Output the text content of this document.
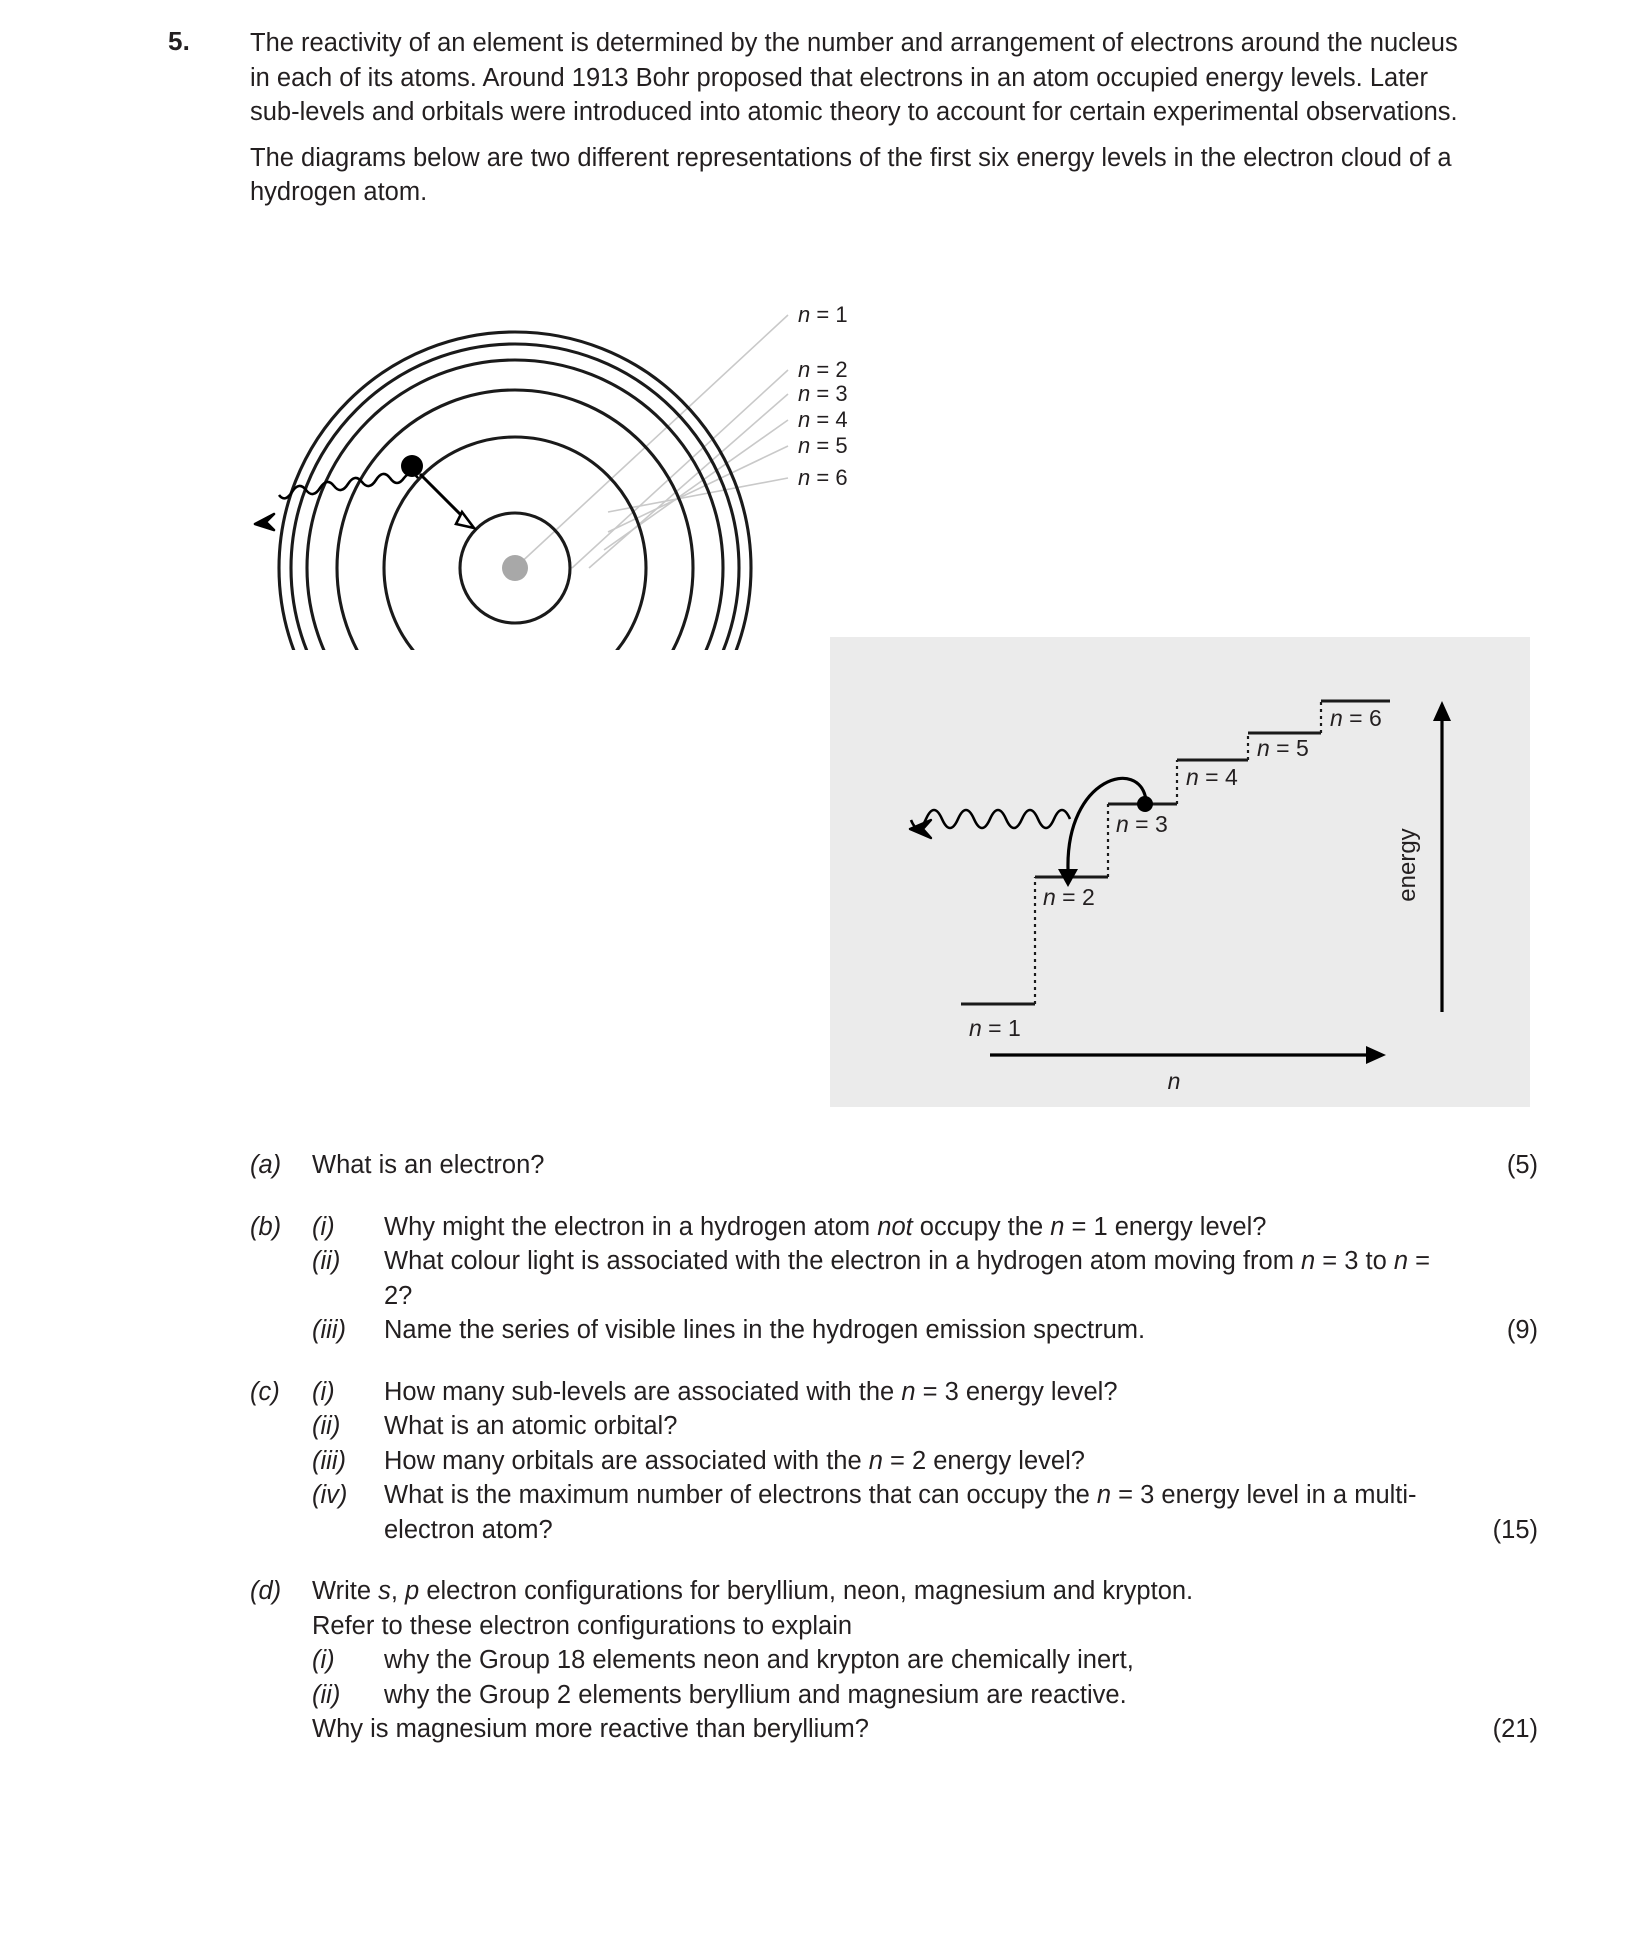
5. The reactivity of an element is determined by the number and arrangement of electrons around the nucleus in each of its atoms. Around 1913 Bohr proposed that electrons in an atom occupied energy levels. Later sub-levels and orbitals were introduced into atomic theory to account for certain experimental observations.

The diagrams below are two different representations of the first six energy levels in the electron cloud of a hydrogen atom.

n = 1
n = 2
n = 3
n = 4
n = 5
n = 6
n = 1
n = 2
n = 3
n = 4
n = 5
n = 6
n
energy
(a)	What is an electron?	(5)
(b)	(i)	Why might the electron in a hydrogen atom not occupy the n = 1 energy level?
(ii)	What colour light is associated with the electron in a hydrogen atom moving from n = 3 to n = 2?
(iii)	Name the series of visible lines in the hydrogen emission spectrum.	(9)
(c)	(i)	How many sub-levels are associated with the n = 3 energy level?
(ii)	What is an atomic orbital?
(iii)	How many orbitals are associated with the n = 2 energy level?
(iv)	What is the maximum number of electrons that can occupy the n = 3 energy level in a multi-electron atom?	(15)
(d)	Write s, p electron configurations for beryllium, neon, magnesium and krypton.
Refer to these electron configurations to explain
(i)	why the Group 18 elements neon and krypton are chemically inert,
(ii)	why the Group 2 elements beryllium and magnesium are reactive.
Why is magnesium more reactive than beryllium?	(21)
